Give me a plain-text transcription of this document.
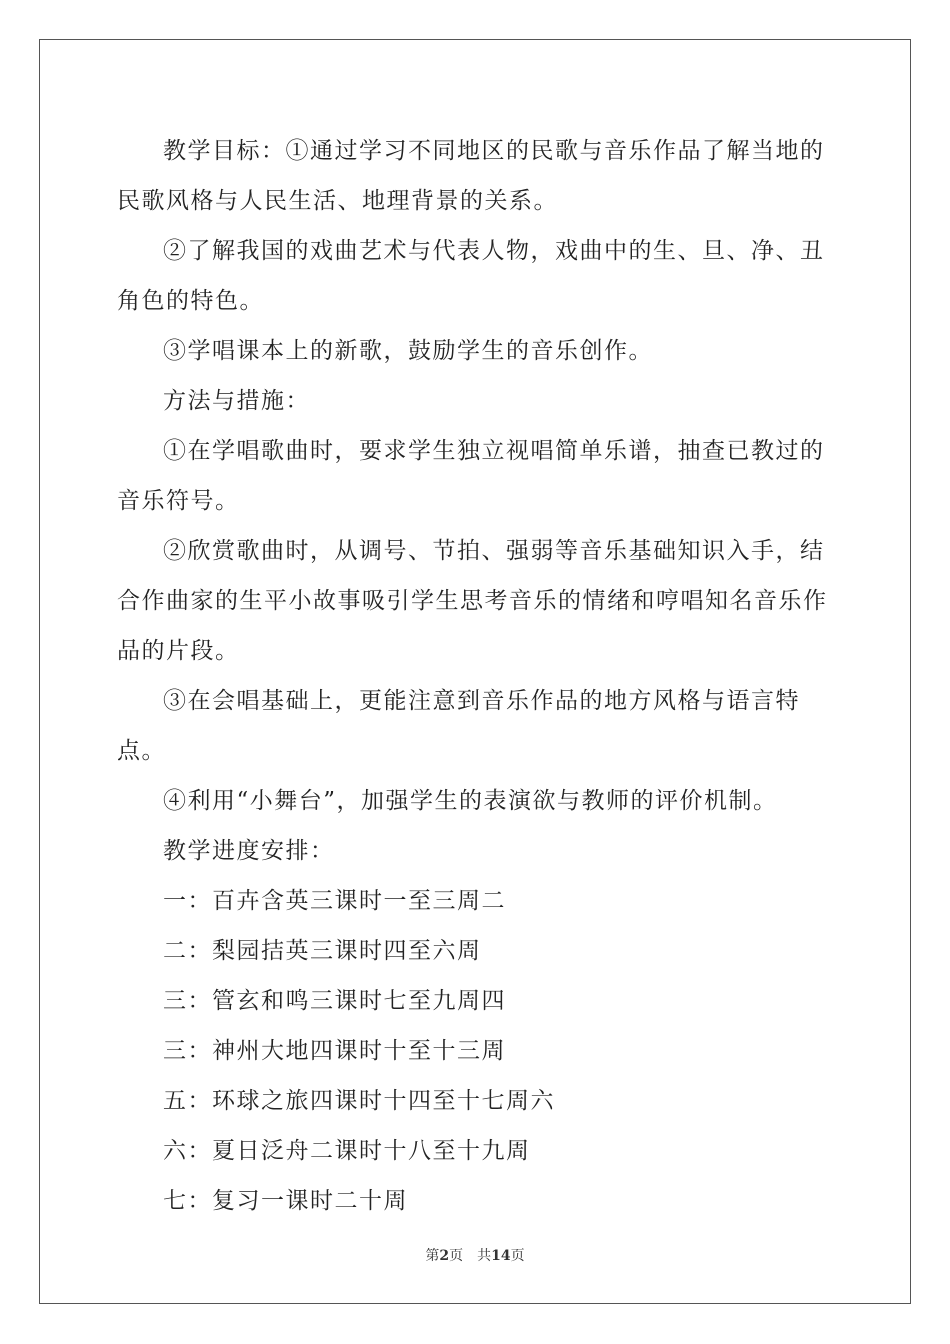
教学目标：①通过学习不同地区的民歌与音乐作品了解当地的民歌风格与人民生活、地理背景的关系。

②了解我国的戏曲艺术与代表人物，戏曲中的生、旦、净、丑角色的特色。

③学唱课本上的新歌，鼓励学生的音乐创作。

方法与措施：

①在学唱歌曲时，要求学生独立视唱简单乐谱，抽查已教过的音乐符号。

②欣赏歌曲时，从调号、节拍、强弱等音乐基础知识入手，结合作曲家的生平小故事吸引学生思考音乐的情绪和哼唱知名音乐作品的片段。

③在会唱基础上，更能注意到音乐作品的地方风格与语言特点。

④利用“小舞台”，加强学生的表演欲与教师的评价机制。

教学进度安排：

一：百卉含英三课时一至三周二

二：梨园拮英三课时四至六周

三：管玄和鸣三课时七至九周四

三：神州大地四课时十至十三周

五：环球之旅四课时十四至十七周六

六：夏日泛舟二课时十八至十九周

七：复习一课时二十周

第2页 共14页
